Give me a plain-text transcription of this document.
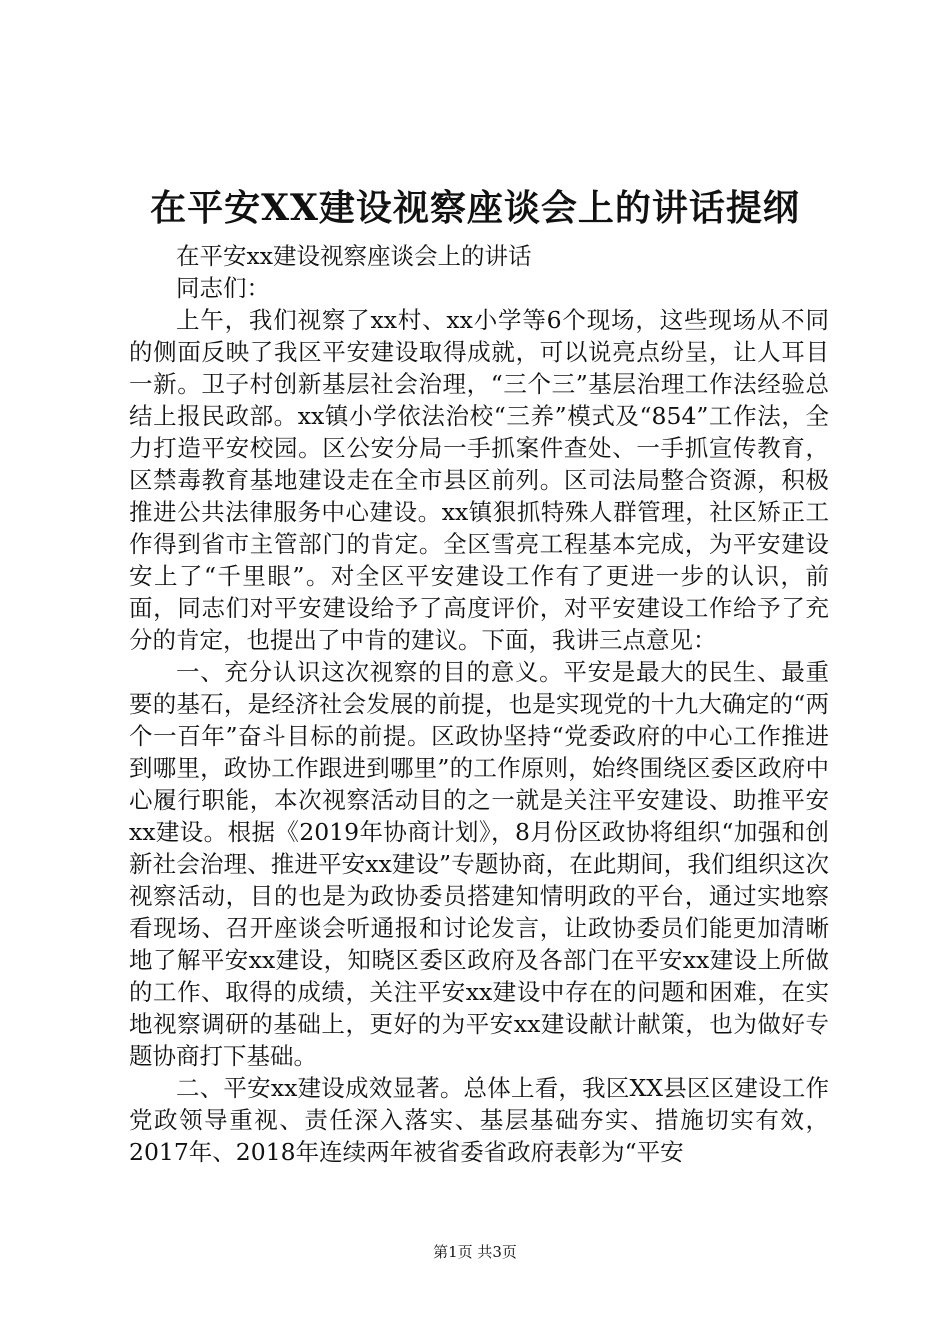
在平安XX建设视察座谈会上的讲话提纲

在平安xx建设视察座谈会上的讲话

同志们：

上午，我们视察了xx村、xx小学等6个现场，这些现场从不同的侧面反映了我区平安建设取得成就，可以说亮点纷呈，让人耳目一新。卫子村创新基层社会治理，“三个三”基层治理工作法经验总结上报民政部。xx镇小学依法治校“三养”模式及“854”工作法，全力打造平安校园。区公安分局一手抓案件查处、一手抓宣传教育，区禁毒教育基地建设走在全市县区前列。区司法局整合资源，积极推进公共法律服务中心建设。xx镇狠抓特殊人群管理，社区矫正工作得到省市主管部门的肯定。全区雪亮工程基本完成，为平安建设安上了“千里眼”。对全区平安建设工作有了更进一步的认识，前面，同志们对平安建设给予了高度评价，对平安建设工作给予了充分的肯定，也提出了中肯的建议。下面，我讲三点意见：

一、充分认识这次视察的目的意义。平安是最大的民生、最重要的基石，是经济社会发展的前提，也是实现党的十九大确定的“两个一百年”奋斗目标的前提。区政协坚持“党委政府的中心工作推进到哪里，政协工作跟进到哪里”的工作原则，始终围绕区委区政府中心履行职能，本次视察活动目的之一就是关注平安建设、助推平安xx建设。根据《2019年协商计划》，8月份区政协将组织“加强和创新社会治理、推进平安xx建设”专题协商，在此期间，我们组织这次视察活动，目的也是为政协委员搭建知情明政的平台，通过实地察看现场、召开座谈会听通报和讨论发言，让政协委员们能更加清晰地了解平安xx建设，知晓区委区政府及各部门在平安xx建设上所做的工作、取得的成绩，关注平安xx建设中存在的问题和困难，在实地视察调研的基础上，更好的为平安xx建设献计献策，也为做好专题协商打下基础。

二、平安xx建设成效显著。总体上看，我区XX县区区建设工作党政领导重视、责任深入落实、基层基础夯实、措施切实有效，2017年、2018年连续两年被省委省政府表彰为“平安

第1页 共3页
